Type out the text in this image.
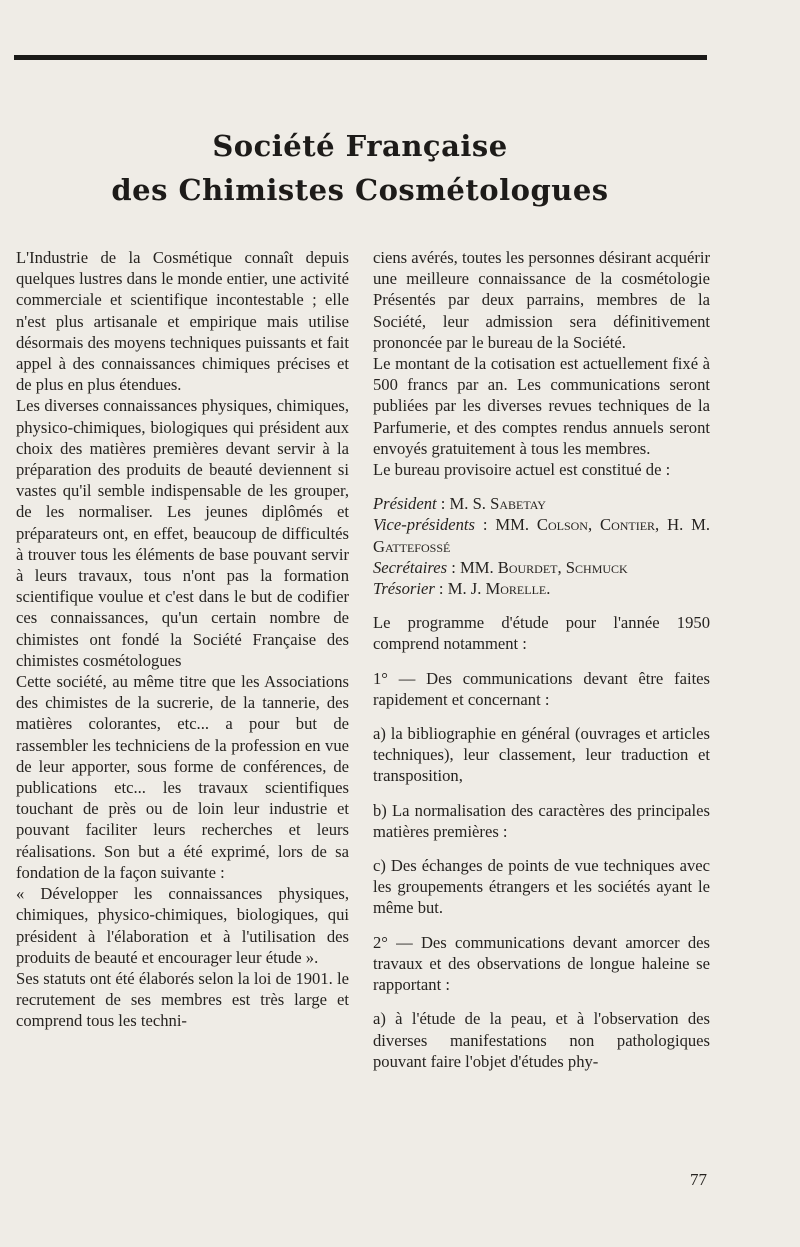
Société Française
des Chimistes Cosmétologues

L'Industrie de la Cosmétique connaît depuis quelques lustres dans le monde entier, une activité commerciale et scientifique incontestable ; elle n'est plus artisanale et empirique mais utilise désormais des moyens techniques puissants et fait appel à des connaissances chimiques précises et de plus en plus étendues.

Les diverses connaissances physiques, chimiques, physico-chimiques, biologiques qui président aux choix des matières premières devant servir à la préparation des produits de beauté deviennent si vastes qu'il semble indispensable de les grouper, de les normaliser. Les jeunes diplômés et préparateurs ont, en effet, beaucoup de difficultés à trouver tous les éléments de base pouvant servir à leurs travaux, tous n'ont pas la formation scientifique voulue et c'est dans le but de codifier ces connaissances, qu'un certain nombre de chimistes ont fondé la Société Française des chimistes cosmétologues

Cette société, au même titre que les Associations des chimistes de la sucrerie, de la tannerie, des matières colorantes, etc... a pour but de rassembler les techniciens de la profession en vue de leur apporter, sous forme de conférences, de publications etc... les travaux scientifiques touchant de près ou de loin leur industrie et pouvant faciliter leurs recherches et leurs réalisations. Son but a été exprimé, lors de sa fondation de la façon suivante :

« Développer les connaissances physiques, chimiques, physico-chimiques, biologiques, qui président à l'élaboration et à l'utilisation des produits de beauté et encourager leur étude ».

Ses statuts ont été élaborés selon la loi de 1901. le recrutement de ses membres est très large et comprend tous les techni-

ciens avérés, toutes les personnes désirant acquérir une meilleure connaissance de la cosmétologie Présentés par deux parrains, membres de la Société, leur admission sera définitivement prononcée par le bureau de la Société.

Le montant de la cotisation est actuellement fixé à 500 francs par an. Les communications seront publiées par les diverses revues techniques de la Parfumerie, et des comptes rendus annuels seront envoyés gratuitement à tous les membres.

Le bureau provisoire actuel est constitué de :

Président : M. S. Sabetay

Vice-présidents : MM. Colson, Contier, H. M. Gattefossé

Secrétaires : MM. Bourdet, Schmuck

Trésorier : M. J. Morelle.

Le programme d'étude pour l'année 1950 comprend notamment :

1° — Des communications devant être faites rapidement et concernant :

a) la bibliographie en général (ouvrages et articles techniques), leur classement, leur traduction et transposition,

b) La normalisation des caractères des principales matières premières :

c) Des échanges de points de vue techniques avec les groupements étrangers et les sociétés ayant le même but.

2° — Des communications devant amorcer des travaux et des observations de longue haleine se rapportant :

a) à l'étude de la peau, et à l'observation des diverses manifestations non pathologiques pouvant faire l'objet d'études phy-

77
